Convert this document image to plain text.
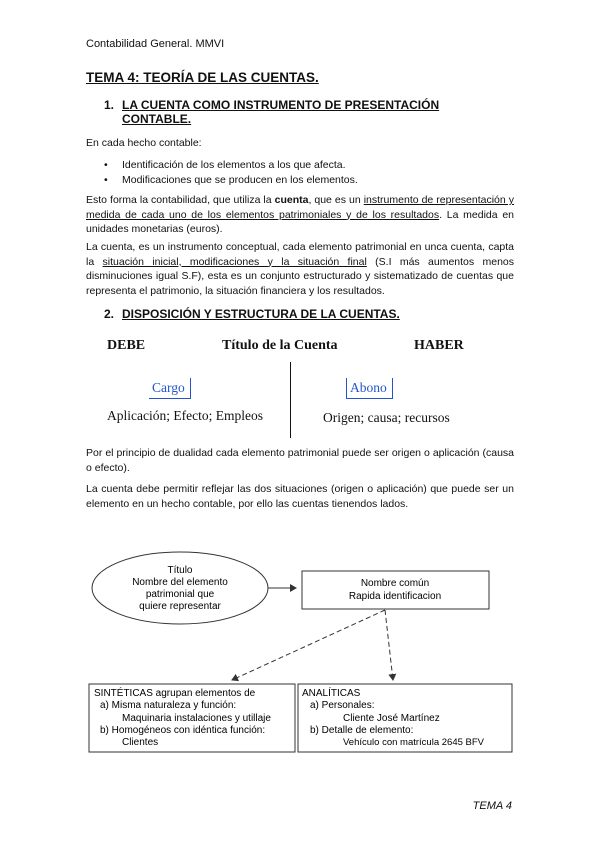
Contabilidad General. MMVI
TEMA 4: TEORÍA DE LAS CUENTAS.
1. LA CUENTA COMO INSTRUMENTO DE PRESENTACIÓN
CONTABLE.
En cada hecho contable:
• Identificación de los elementos a los que afecta.
• Modificaciones que se producen en los elementos.

Esto forma la contabilidad, que utiliza la cuenta, que es un instrumento de representación y medida de cada uno de los elementos patrimoniales y de los resultados. La medida en unidades monetarias (euros).

La cuenta, es un instrumento conceptual, cada elemento patrimonial en unca cuenta, capta la situación inicial, modificaciones y la situación final (S.I más aumentos menos disminuciones igual S.F), esta es un conjunto estructurado y sistematizado de cuentas que representa el patrimonio, la situación financiera y los resultados.

2. DISPOSICIÓN Y ESTRUCTURA DE LA CUENTAS.
DEBE	Título de la Cuenta	HABER
Cargo	Abono
Aplicación; Efecto; Empleos	Origen; causa; recursos

Por el principio de dualidad cada elemento patrimonial puede ser origen o aplicación (causa o efecto).

La cuenta debe permitir reflejar las dos situaciones (origen o aplicación) que puede ser un elemento en un hecho contable, por ello las cuentas tienendos lados.

Título
Nombre del elemento
patrimonial que
quiere representar
Nombre común
Rapida identificacion
SINTÉTICAS agrupan elementos de
a) Misma naturaleza y función:
Maquinaria instalaciones y utillaje
b) Homogéneos con idéntica función:
Clientes
ANALÍTICAS
a) Personales:
Cliente José Martínez
b) Detalle de elemento:
Vehículo con matrícula 2645 BFV
TEMA 4
